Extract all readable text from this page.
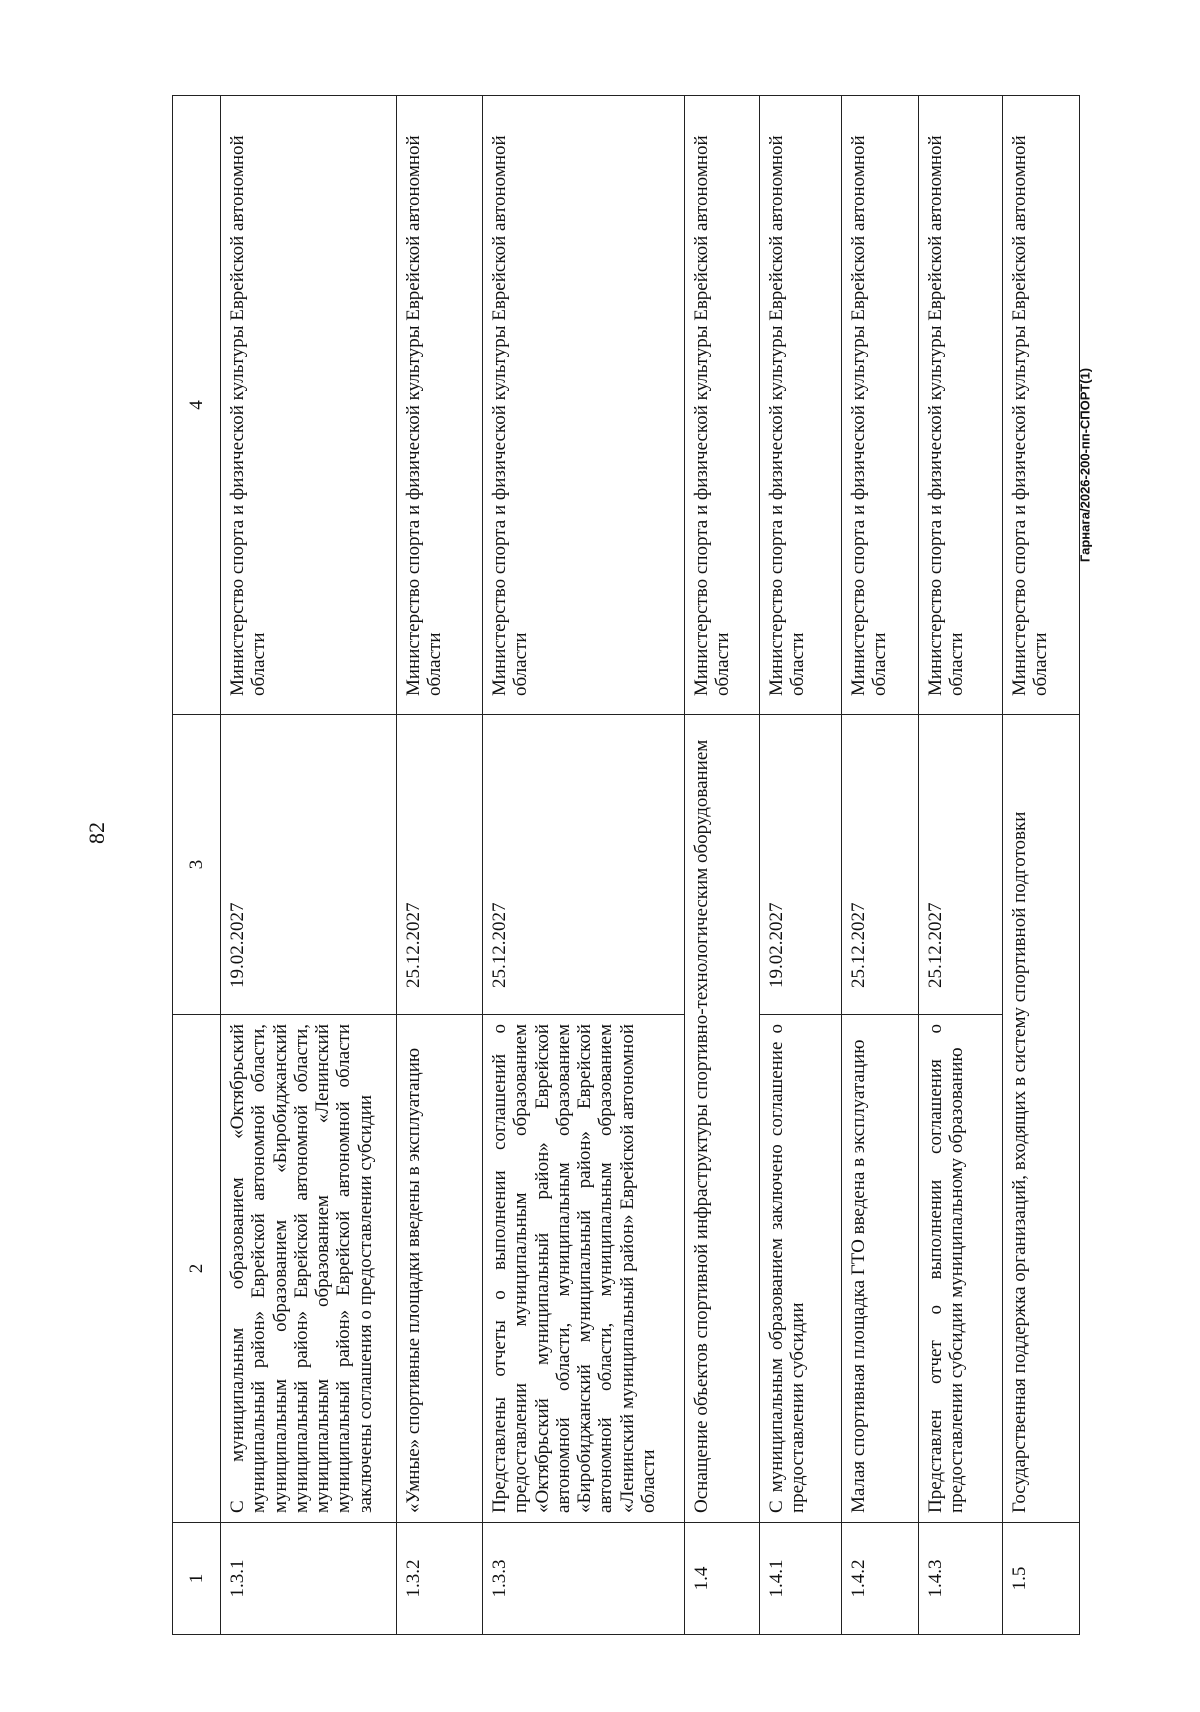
82
Гарнага/2026-200-пп-СПОРТ(1)
1	2	3	4
1.3.1	С муниципальным образованием «Октябрьский муниципальный район» Еврейской автономной области, муниципальным образованием «Биробиджанский муниципальный район» Еврейской автономной области, муниципальным образованием «Ленинский муниципальный район» Еврейской автономной области заключены соглашения о предоставлении субсидии	19.02.2027	Министерство спорта и физической культуры Еврейской автономной области
1.3.2	«Умные» спортивные площадки введены в эксплуатацию	25.12.2027	Министерство спорта и физической культуры Еврейской автономной области
1.3.3	Представлены отчеты о выполнении соглашений о предоставлении муниципальным образованием «Октябрьский муниципальный район» Еврейской автономной области, муниципальным образованием «Биробиджанский муниципальный район» Еврейской автономной области, муниципальным образованием «Ленинский муниципальный район» Еврейской автономной области	25.12.2027	Министерство спорта и физической культуры Еврейской автономной области
1.4	Оснащение объектов спортивной инфраструктуры спортивно-технологическим оборудованием		Министерство спорта и физической культуры Еврейской автономной области
1.4.1	С муниципальным образованием заключено соглашение о предоставлении субсидии	19.02.2027	Министерство спорта и физической культуры Еврейской автономной области
1.4.2	Малая спортивная площадка ГТО введена в эксплуатацию	25.12.2027	Министерство спорта и физической культуры Еврейской автономной области
1.4.3	Представлен отчет о выполнении соглашения о предоставлении субсидии муниципальному образованию	25.12.2027	Министерство спорта и физической культуры Еврейской автономной области
1.5	Государственная поддержка организаций, входящих в систему спортивной подготовки		Министерство спорта и физической культуры Еврейской автономной области
